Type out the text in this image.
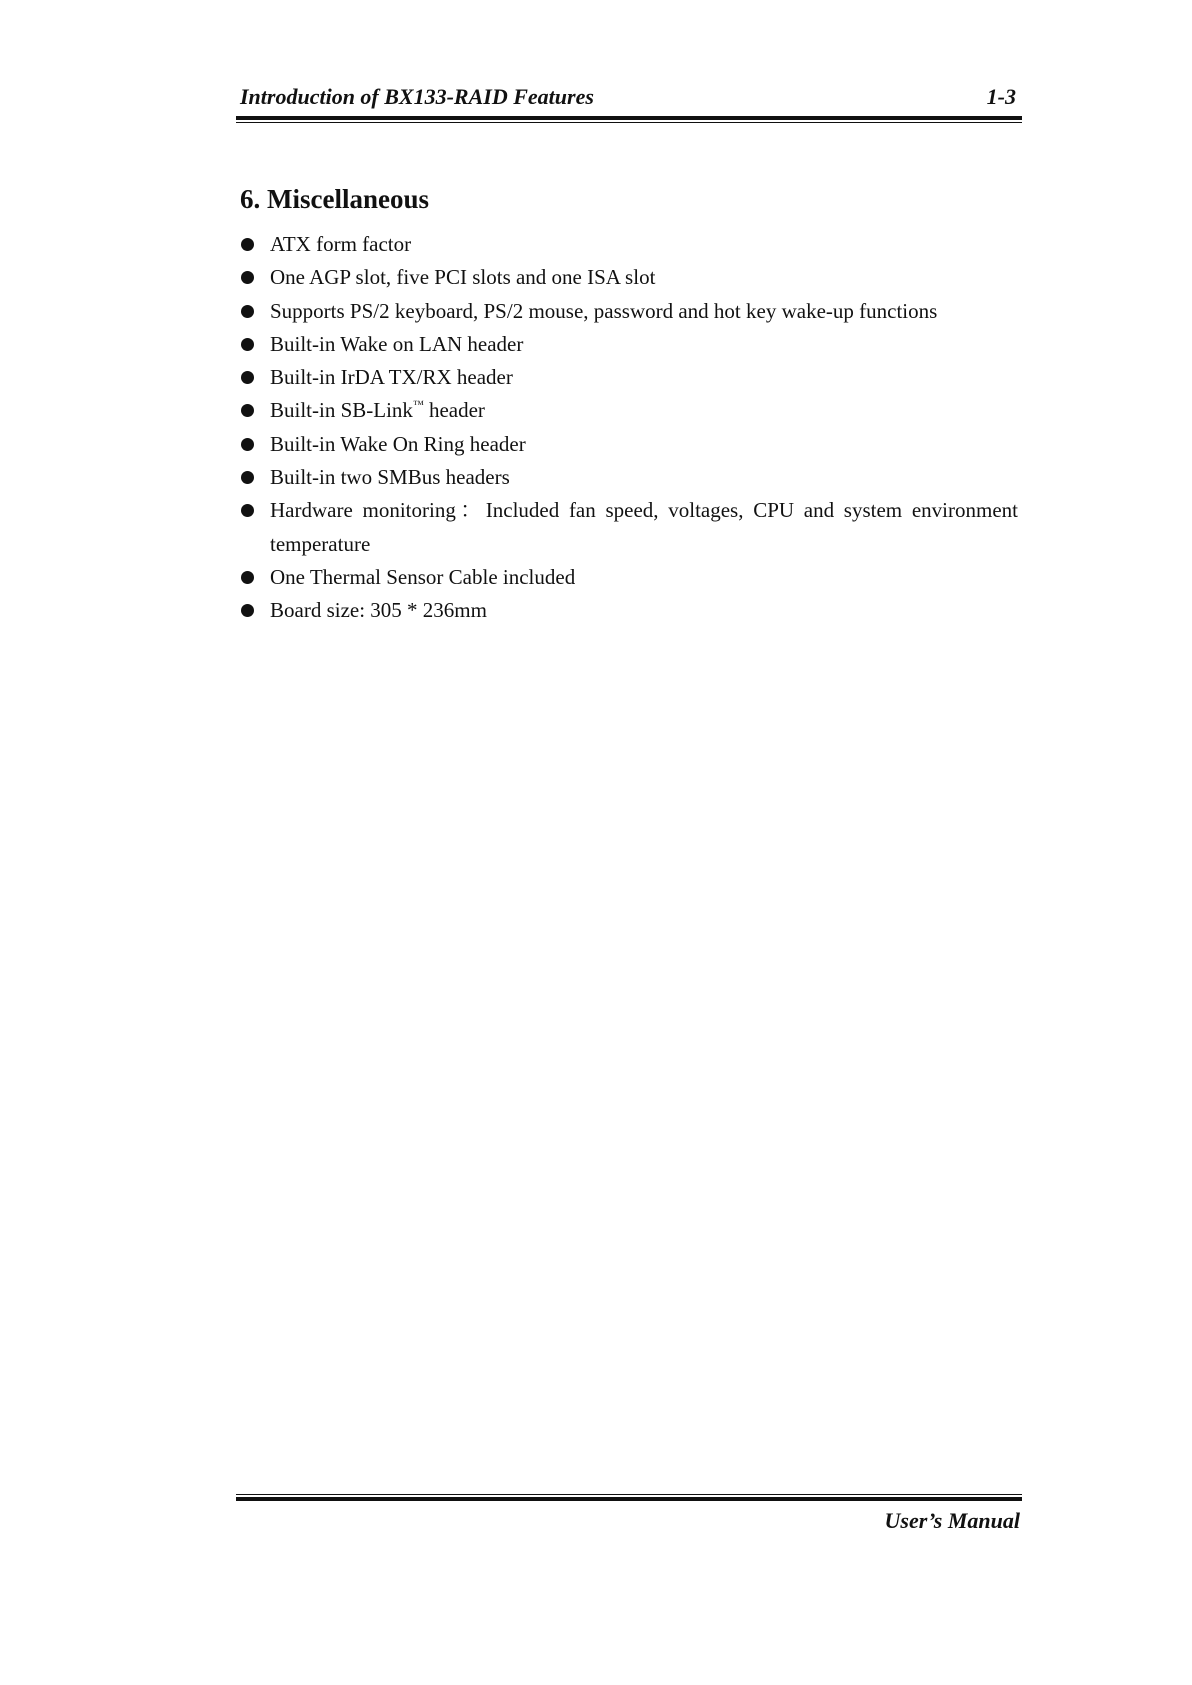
Introduction of BX133-RAID Features	1-3
6. Miscellaneous
ATX form factor
One AGP slot, five PCI slots and one ISA slot
Supports PS/2 keyboard, PS/2 mouse, password and hot key wake-up functions
Built-in Wake on LAN header
Built-in IrDA TX/RX header
Built-in SB-Link™ header
Built-in Wake On Ring header
Built-in two SMBus headers
Hardware monitoring：Included fan speed, voltages, CPU and system environment temperature
One Thermal Sensor Cable included
Board size: 305 * 236mm
User’s Manual
